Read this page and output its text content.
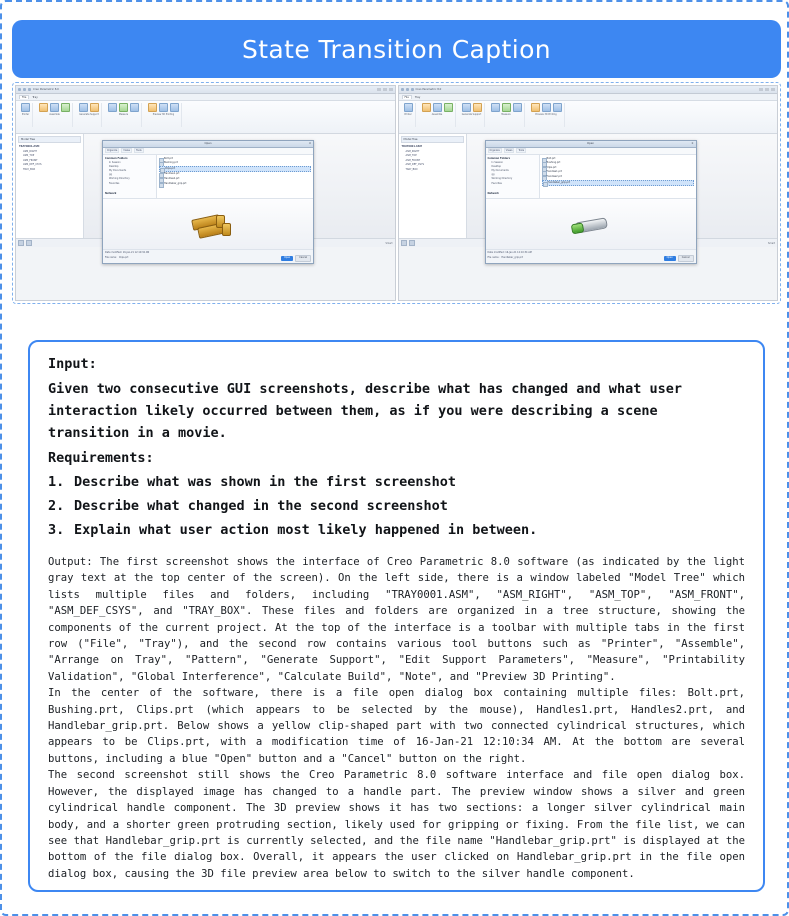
State Transition Caption
Creo Parametric 8.0
File	Tray
Printer	Assemble	Generate Support	Measure	Preview 3D Printing
Model Tree
TRAY0001.ASM
ASM_RIGHT
ASM_TOP
ASM_FRONT
ASM_DEF_CSYS
TRAY_BOX
Open	✕
Organize	Views	Tools
Common Folders
In Session
Desktop
My Documents
gg
Working Directory
Favorites
Network
Bolt.prt
Bushing.prt
Clips.prt
Handles1.prt
Handles2.prt
Handlebar_grip.prt
Date modified: 16-Jan-21 12:10:34 AM
File name: Clips.prt	Open	Cancel
Smart
Creo Parametric 8.0
File	Tray
Printer	Assemble	Generate Support	Measure	Preview 3D Printing
Model Tree
TRAY0001.ASM
ASM_RIGHT
ASM_TOP
ASM_FRONT
ASM_DEF_CSYS
TRAY_BOX
Open	✕
Organize	Views	Tools
Common Folders
In Session
Desktop
My Documents
gg
Working Directory
Favorites
Network
Bolt.prt
Bushing.prt
Clips.prt
Handles1.prt
Handles2.prt
Handlebar_grip.prt
Date modified: 16-Jan-21 12:10:34 AM
File name: Handlebar_grip.prt	Open	Cancel
Smart
Input:
Given two consecutive GUI screenshots, describe what has changed and what user interaction likely occurred between them, as if you were describing a scene transition in a movie.
Requirements:
1. Describe what was shown in the first screenshot
2. Describe what changed in the second screenshot
3. Explain what user action most likely happened in between.

Output: The first screenshot shows the interface of Creo Parametric 8.0 software (as indicated by the light gray text at the top center of the screen). On the left side, there is a window labeled "Model Tree" which lists multiple files and folders, including "TRAY0001.ASM", "ASM_RIGHT", "ASM_TOP", "ASM_FRONT", "ASM_DEF_CSYS", and "TRAY_BOX". These files and folders are organized in a tree structure, showing the components of the current project. At the top of the interface is a toolbar with multiple tabs in the first row ("File", "Tray"), and the second row contains various tool buttons such as "Printer", "Assemble", "Arrange on Tray", "Pattern", "Generate Support", "Edit Support Parameters", "Measure", "Printability Validation", "Global Interference", "Calculate Build", "Note", and "Preview 3D Printing".

In the center of the software, there is a file open dialog box containing multiple files: Bolt.prt, Bushing.prt, Clips.prt (which appears to be selected by the mouse), Handles1.prt, Handles2.prt, and Handlebar_grip.prt. Below shows a yellow clip-shaped part with two connected cylindrical structures, which appears to be Clips.prt, with a modification time of 16-Jan-21 12:10:34 AM. At the bottom are several buttons, including a blue "Open" button and a "Cancel" button on the right.

The second screenshot still shows the Creo Parametric 8.0 software interface and file open dialog box. However, the displayed image has changed to a handle part. The preview window shows a silver and green cylindrical handle component. The 3D preview shows it has two sections: a longer silver cylindrical main body, and a shorter green protruding section, likely used for gripping or fixing. From the file list, we can see that Handlebar_grip.prt is currently selected, and the file name "Handlebar_grip.prt" is displayed at the bottom of the file dialog box. Overall, it appears the user clicked on Handlebar_grip.prt in the file open dialog box, causing the 3D file preview area below to switch to the silver handle component.
